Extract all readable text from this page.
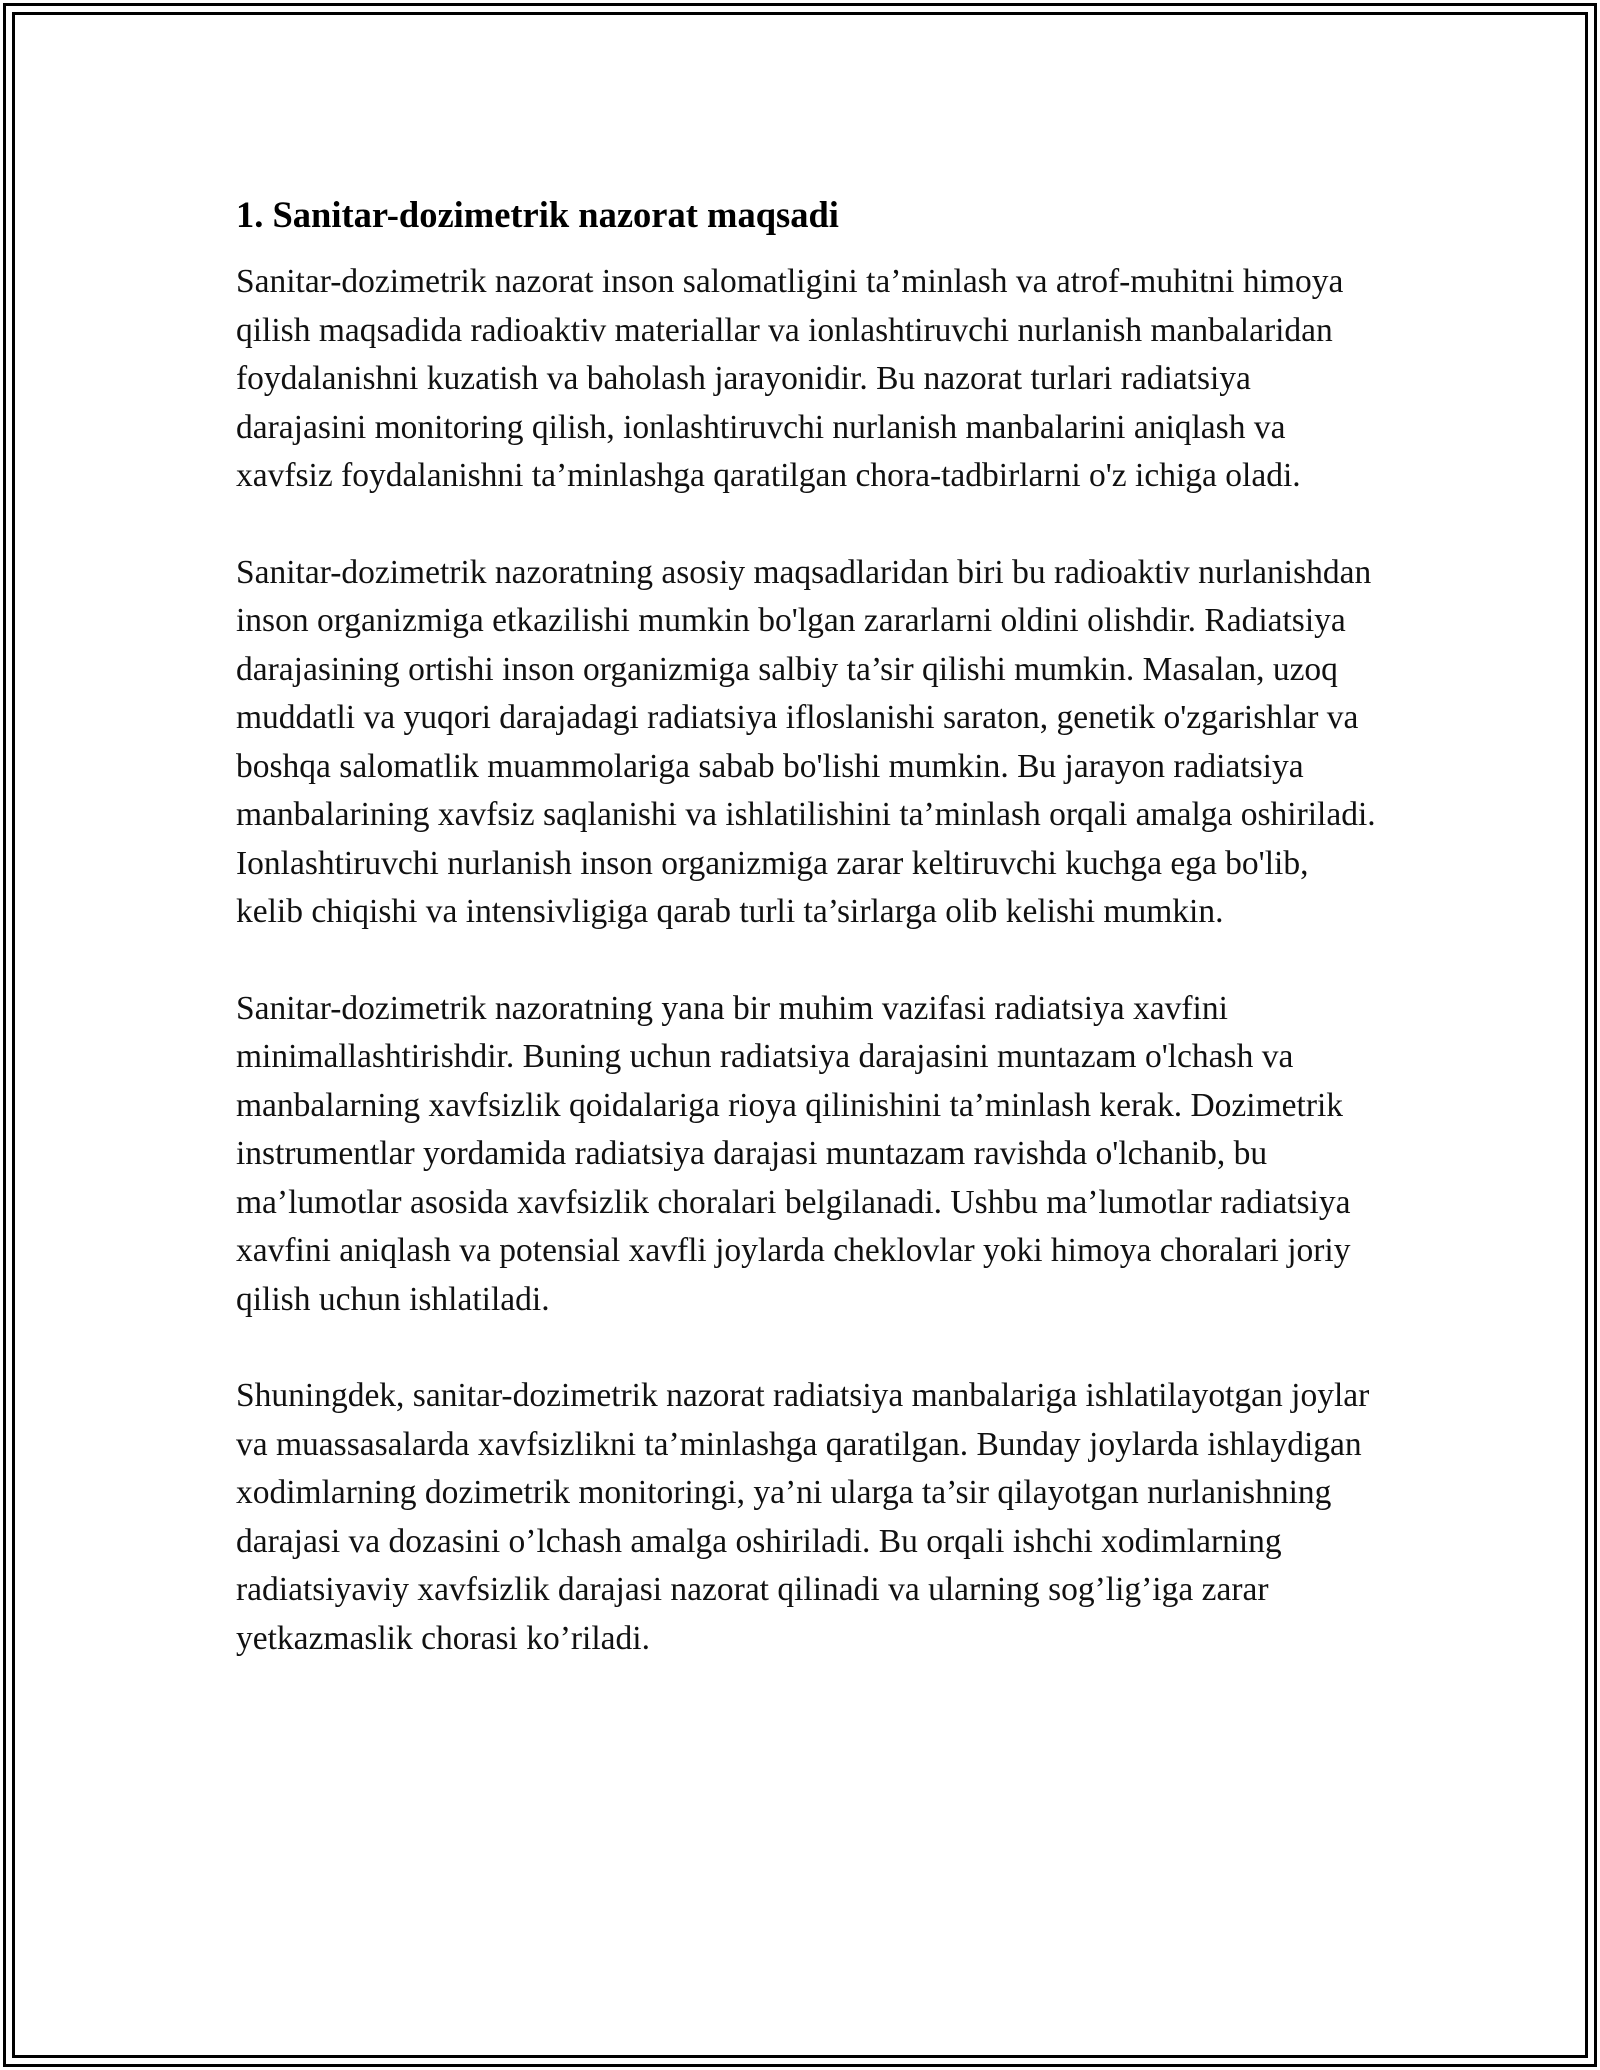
1. Sanitar-dozimetrik nazorat maqsadi

Sanitar-dozimetrik nazorat inson salomatligini ta’minlash va atrof-muhitni himoya qilish maqsadida radioaktiv materiallar va ionlashtiruvchi nurlanish manbalaridan foydalanishni kuzatish va baholash jarayonidir. Bu nazorat turlari radiatsiya darajasini monitoring qilish, ionlashtiruvchi nurlanish manbalarini aniqlash va xavfsiz foydalanishni ta’minlashga qaratilgan chora-tadbirlarni o'z ichiga oladi.

Sanitar-dozimetrik nazoratning asosiy maqsadlaridan biri bu radioaktiv nurlanishdan inson organizmiga etkazilishi mumkin bo'lgan zararlarni oldini olishdir. Radiatsiya darajasining ortishi inson organizmiga salbiy ta’sir qilishi mumkin. Masalan, uzoq muddatli va yuqori darajadagi radiatsiya ifloslanishi saraton, genetik o'zgarishlar va boshqa salomatlik muammolariga sabab bo'lishi mumkin. Bu jarayon radiatsiya manbalarining xavfsiz saqlanishi va ishlatilishini ta’minlash orqali amalga oshiriladi. Ionlashtiruvchi nurlanish inson organizmiga zarar keltiruvchi kuchga ega bo'lib, kelib chiqishi va intensivligiga qarab turli ta’sirlarga olib kelishi mumkin.

Sanitar-dozimetrik nazoratning yana bir muhim vazifasi radiatsiya xavfini minimallashtirishdir. Buning uchun radiatsiya darajasini muntazam o'lchash va manbalarning xavfsizlik qoidalariga rioya qilinishini ta’minlash kerak. Dozimetrik instrumentlar yordamida radiatsiya darajasi muntazam ravishda o'lchanib, bu ma’lumotlar asosida xavfsizlik choralari belgilanadi. Ushbu ma’lumotlar radiatsiya xavfini aniqlash va potensial xavfli joylarda cheklovlar yoki himoya choralari joriy qilish uchun ishlatiladi.

Shuningdek, sanitar-dozimetrik nazorat radiatsiya manbalariga ishlatilayotgan joylar va muassasalarda xavfsizlikni ta’minlashga qaratilgan. Bunday joylarda ishlaydigan xodimlarning dozimetrik monitoringi, ya’ni ularga ta’sir qilayotgan nurlanishning darajasi va dozasini o’lchash amalga oshiriladi. Bu orqali ishchi xodimlarning radiatsiyaviy xavfsizlik darajasi nazorat qilinadi va ularning sog’lig’iga zarar yetkazmaslik chorasi ko’riladi.
